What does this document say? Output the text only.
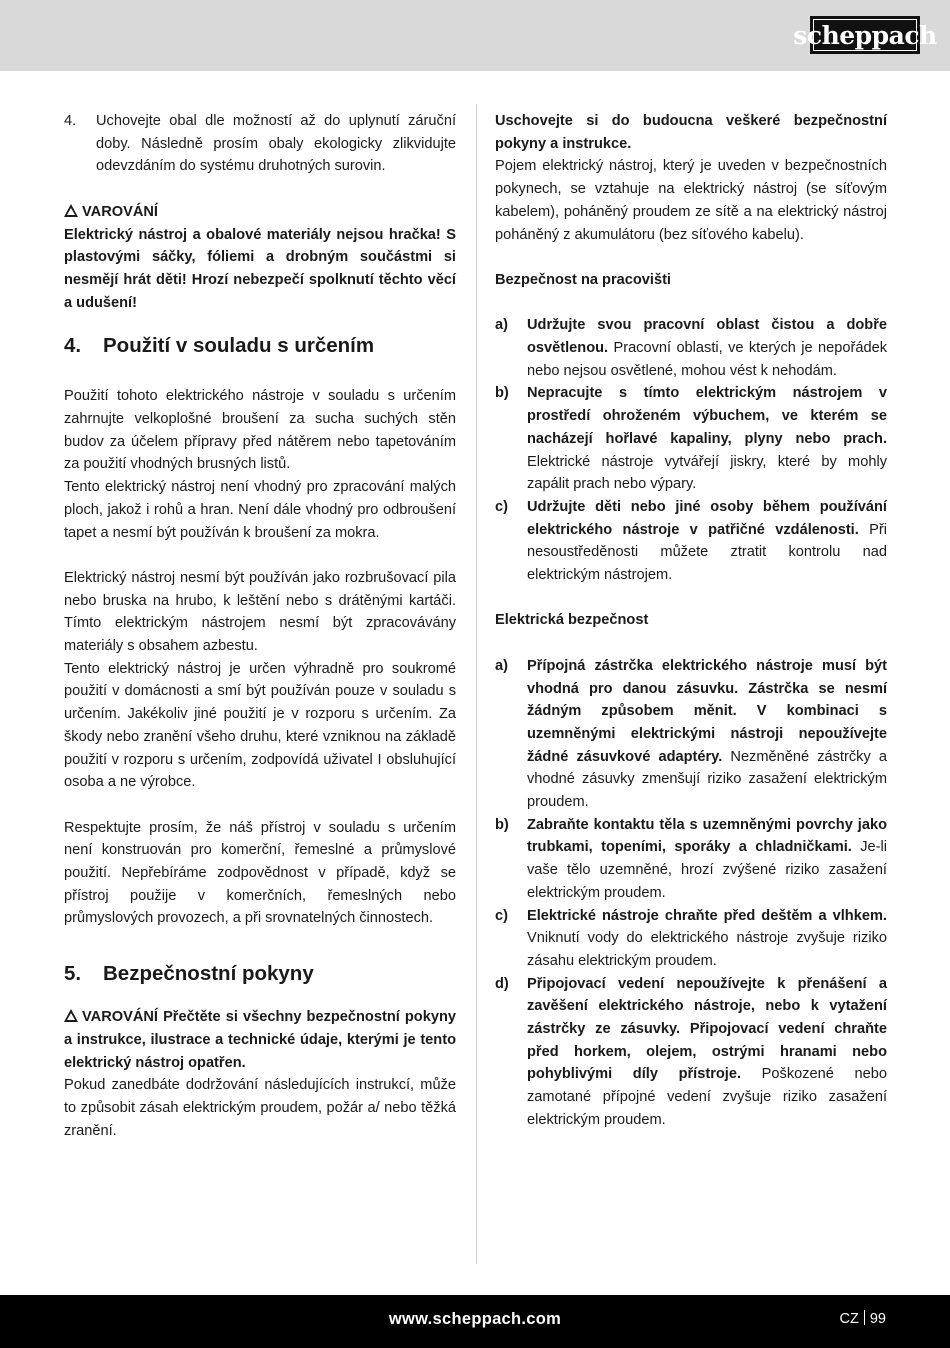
scheppach
4.	Uchovejte obal dle možností až do uplynutí záruční doby. Následně prosím obaly ekologicky zlikvidujte odevzdáním do systému druhotných surovin.

VAROVÁNÍ

Elektrický nástroj a obalové materiály nejsou hračka! S plastovými sáčky, fóliemi a drobným součástmi si nesmějí hrát děti! Hrozí nebezpečí spolknutí těchto věcí a udušení!

4.	Použití v souladu s určením

Použití tohoto elektrického nástroje v souladu s určením zahrnujte velkoplošné broušení za sucha suchých stěn budov za účelem přípravy před nátěrem nebo tapetováním za použití vhodných brusných listů.

Tento elektrický nástroj není vhodný pro zpracování malých ploch, jakož i rohů a hran. Není dále vhodný pro odbroušení tapet a nesmí být používán k broušení za mokra.

Elektrický nástroj nesmí být používán jako rozbrušovací pila nebo bruska na hrubo, k leštění nebo s drátěnými kartáči. Tímto elektrickým nástrojem nesmí být zpracovávány materiály s obsahem azbestu.

Tento elektrický nástroj je určen výhradně pro soukromé použití v domácnosti a smí být používán pouze v souladu s určením. Jakékoliv jiné použití je v rozporu s určením. Za škody nebo zranění všeho druhu, které vzniknou na základě použití v rozporu s určením, zodpovídá uživatel I obsluhující osoba a ne výrobce.

Respektujte prosím, že náš přístroj v souladu s určením není konstruován pro komerční, řemeslné a průmyslové použití. Nepřebíráme zodpovědnost v případě, když se přístroj použije v komerčních, řemeslných nebo průmyslových provozech, a při srovnatelných činnostech.

5.	Bezpečnostní pokyny

VAROVÁNÍ Přečtěte si všechny bezpečnostní pokyny a instrukce, ilustrace a technické údaje, kterými je tento elektrický nástroj opatřen.

Pokud zanedbáte dodržování následujících instrukcí, může to způsobit zásah elektrickým proudem, požár a/ nebo těžká zranění.

Uschovejte si do budoucna veškeré bezpečnostní pokyny a instrukce.

Pojem elektrický nástroj, který je uveden v bezpečnostních pokynech, se vztahuje na elektrický nástroj (se síťovým kabelem), poháněný proudem ze sítě a na elektrický nástroj poháněný z akumulátoru (bez síťového kabelu).

Bezpečnost na pracovišti

a)	Udržujte svou pracovní oblast čistou a dobře osvětlenou. Pracovní oblasti, ve kterých je nepořádek nebo nejsou osvětlené, mohou vést k nehodám.
b)	Nepracujte s tímto elektrickým nástrojem v prostředí ohroženém výbuchem, ve kterém se nacházejí hořlavé kapaliny, plyny nebo prach. Elektrické nástroje vytvářejí jiskry, které by mohly zapálit prach nebo výpary.
c)	Udržujte děti nebo jiné osoby během používání elektrického nástroje v patřičné vzdálenosti. Při nesoustředěnosti můžete ztratit kontrolu nad elektrickým nástrojem.

Elektrická bezpečnost

a)	Přípojná zástrčka elektrického nástroje musí být vhodná pro danou zásuvku. Zástrčka se nesmí žádným způsobem měnit. V kombinaci s uzemněnými elektrickými nástroji nepoužívejte žádné zásuvkové adaptéry. Nezměněné zástrčky a vhodné zásuvky zmenšují riziko zasažení elektrickým proudem.
b)	Zabraňte kontaktu těla s uzemněnými povrchy jako trubkami, topeními, sporáky a chladničkami. Je-li vaše tělo uzemněné, hrozí zvýšené riziko zasažení elektrickým proudem.
c)	Elektrické nástroje chraňte před deštěm a vlhkem. Vniknutí vody do elektrického nástroje zvyšuje riziko zásahu elektrickým proudem.
d)	Připojovací vedení nepoužívejte k přenášení a zavěšení elektrického nástroje, nebo k vytažení zástrčky ze zásuvky. Připojovací vedení chraňte před horkem, olejem, ostrými hranami nebo pohyblivými díly přístroje. Poškozené nebo zamotané přípojné vedení zvyšuje riziko zasažení elektrickým proudem.
www.scheppach.com	CZ 99
